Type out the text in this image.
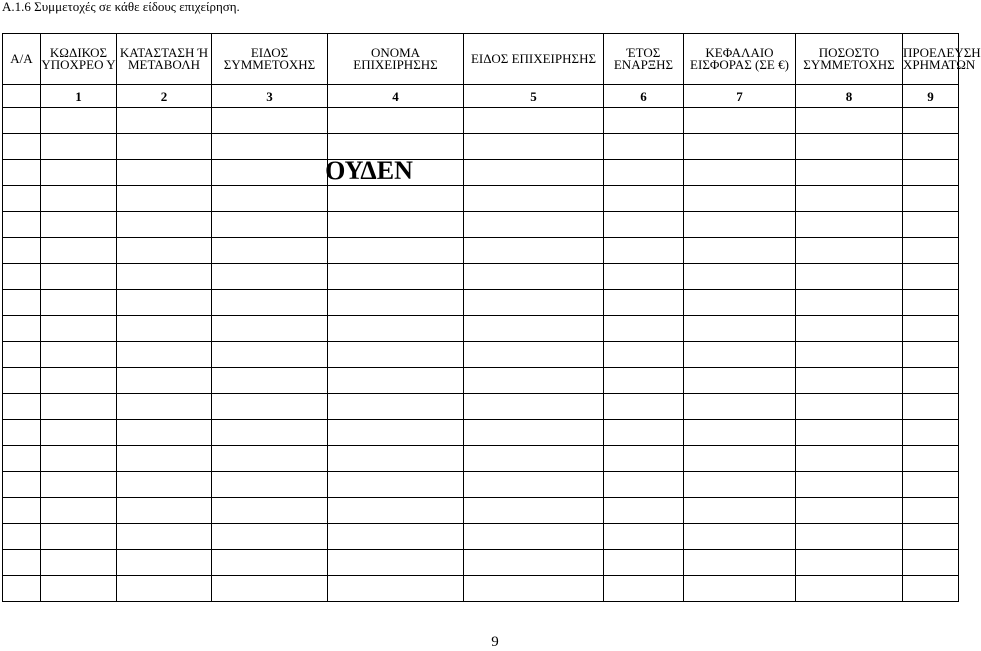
A.1.6 Συμμετοχές σε κάθε είδους επιχείρηση.
Α/Α	ΚΩΔΙΚΟΣ ΥΠΟΧΡΕΟ Υ	ΚΑΤΑΣΤΑΣΗ Ή ΜΕΤΑΒΟΛΗ	ΕΙΔΟΣ ΣΥΜΜΕΤΟΧΗΣ	ΟΝΟΜΑ ΕΠΙΧΕΙΡΗΣΗΣ	ΕΙΔΟΣ ΕΠΙΧΕΙΡΗΣΗΣ	ΈΤΟΣ ΕΝΑΡΞΗΣ	ΚΕΦΑΛΑΙΟ ΕΙΣΦΟΡΑΣ (ΣΕ €)	ΠΟΣΟΣΤΟ ΣΥΜΜΕΤΟΧΗΣ	ΠΡΟΕΛΕΥΣΗ ΧΡΗΜΑΤΩΝ
	1	2	3	4	5	6	7	8	9

ΟΥΔΕΝ
9
